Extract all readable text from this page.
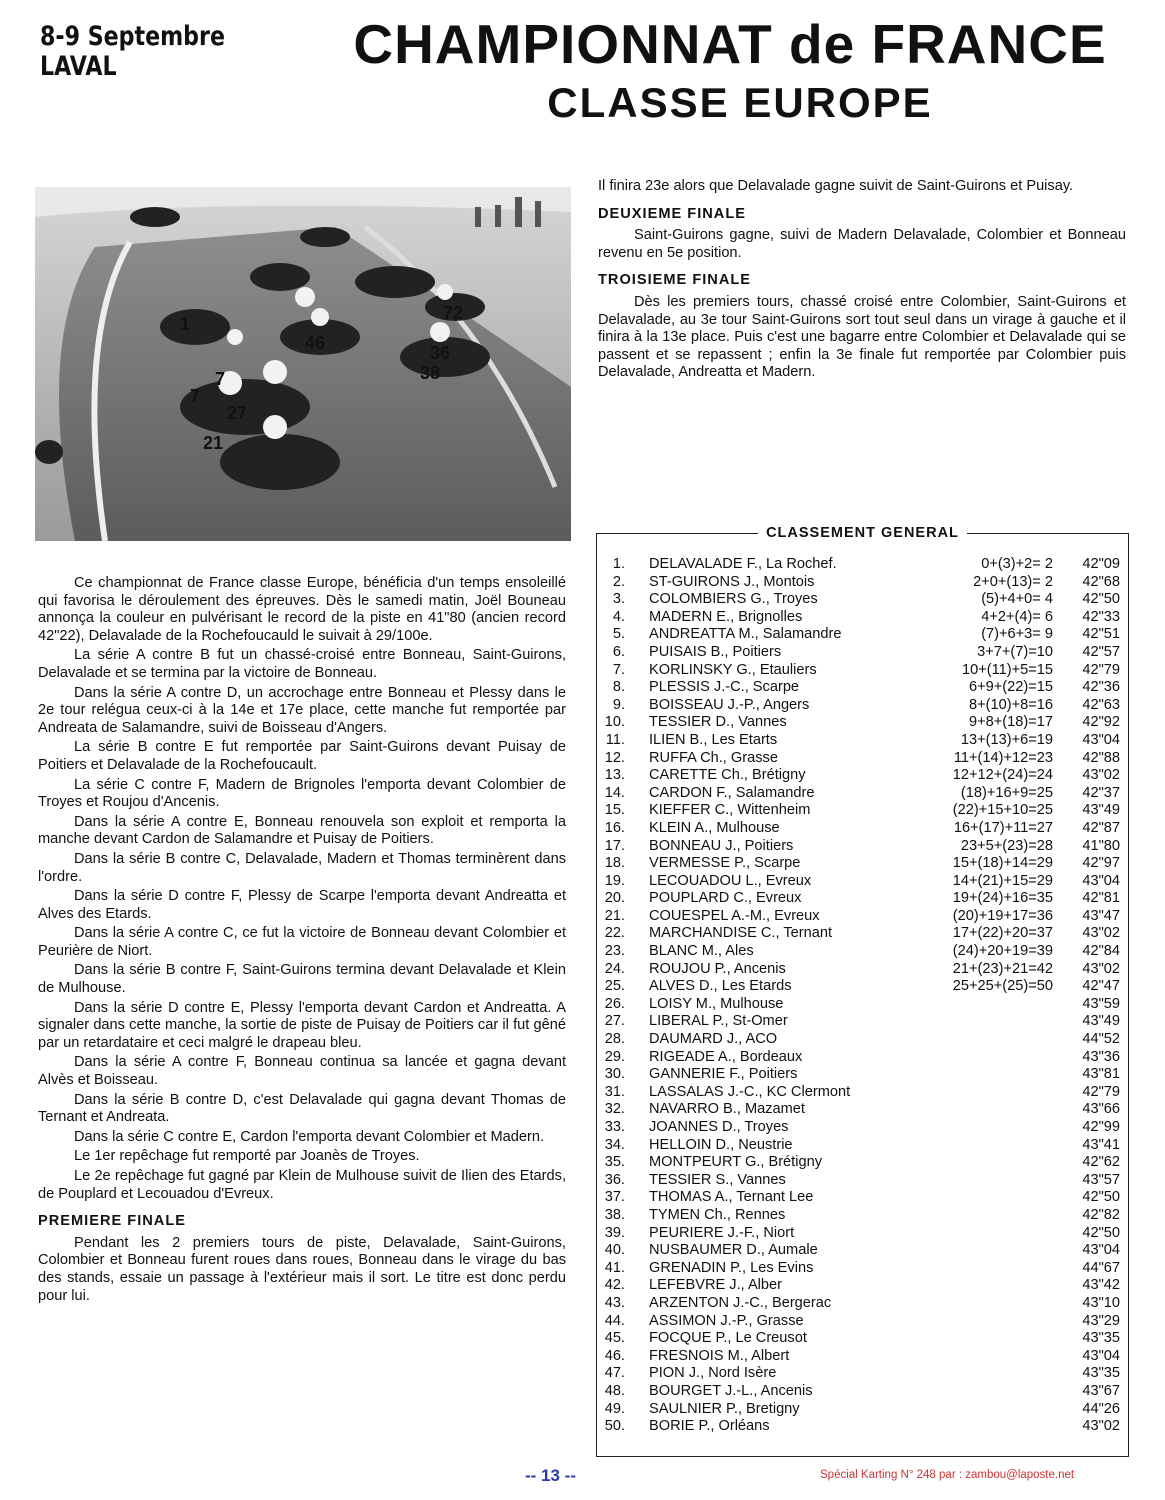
8-9 Septembre
LAVAL	CHAMPIONNAT de FRANCE
CLASSE EUROPE
1
7
21
27
46
38
36
72
7

Ce championnat de France classe Europe, bénéficia d'un temps ensoleillé qui favorisa le déroulement des épreuves. Dès le samedi matin, Joël Bouneau annonça la couleur en pulvérisant le record de la piste en 41"80 (ancien record 42"22), Delavalade de la Rochefoucauld le suivait à 29/100e.

La série A contre B fut un chassé-croisé entre Bonneau, Saint-Guirons, Delavalade et se termina par la victoire de Bonneau.

Dans la série A contre D, un accrochage entre Bonneau et Plessy dans le 2e tour relégua ceux-ci à la 14e et 17e place, cette manche fut remportée par Andreata de Salamandre, suivi de Boisseau d'Angers.

La série B contre E fut remportée par Saint-Guirons devant Puisay de Poitiers et Delavalade de la Rochefoucault.

La série C contre F, Madern de Brignoles l'emporta devant Colombier de Troyes et Roujou d'Ancenis.

Dans la série A contre E, Bonneau renouvela son exploit et remporta la manche devant Cardon de Salamandre et Puisay de Poitiers.

Dans la série B contre C, Delavalade, Madern et Thomas terminèrent dans l'ordre.

Dans la série D contre F, Plessy de Scarpe l'emporta devant Andreatta et Alves des Etards.

Dans la série A contre C, ce fut la victoire de Bonneau devant Colombier et Peurière de Niort.

Dans la série B contre F, Saint-Guirons termina devant Delavalade et Klein de Mulhouse.

Dans la série D contre E, Plessy l'emporta devant Cardon et Andreatta. A signaler dans cette manche, la sortie de piste de Puisay de Poitiers car il fut gêné par un retardataire et ceci malgré le drapeau bleu.

Dans la série A contre F, Bonneau continua sa lancée et gagna devant Alvès et Boisseau.

Dans la série B contre D, c'est Delavalade qui gagna devant Thomas de Ternant et Andreata.

Dans la série C contre E, Cardon l'emporta devant Colombier et Madern.

Le 1er repêchage fut remporté par Joanès de Troyes.

Le 2e repêchage fut gagné par Klein de Mulhouse suivit de Ilien des Etards, de Pouplard et Lecouadou d'Evreux.

PREMIERE FINALE

Pendant les 2 premiers tours de piste, Delavalade, Saint-Guirons, Colombier et Bonneau furent roues dans roues, Bonneau dans le virage du bas des stands, essaie un passage à l'extérieur mais il sort. Le titre est donc perdu pour lui.

Il finira 23e alors que Delavalade gagne suivit de Saint-Guirons et Puisay.

DEUXIEME FINALE

Saint-Guirons gagne, suivi de Madern Delavalade, Colombier et Bonneau revenu en 5e position.

TROISIEME FINALE

Dès les premiers tours, chassé croisé entre Colombier, Saint-Guirons et Delavalade, au 3e tour Saint-Guirons sort tout seul dans un virage à gauche et il finira à la 13e place. Puis c'est une bagarre entre Colombier et Delavalade qui se passent et se repassent ; enfin la 3e finale fut remportée par Colombier puis Delavalade, Andreatta et Madern.

CLASSEMENT GENERAL
1. DELAVALADE F., La Rochef.	0+(3)+2= 2 42"09
2. ST-GUIRONS J., Montois	2+0+(13)= 2 42"68
3. COLOMBIERS G., Troyes	(5)+4+0= 4 42"50
4. MADERN E., Brignolles	4+2+(4)= 6 42"33
5. ANDREATTA M., Salamandre	(7)+6+3= 9 42"51
6. PUISAIS B., Poitiers	3+7+(7)=10 42"57
7. KORLINSKY G., Etauliers	10+(11)+5=15 42"79
8. PLESSIS J.-C., Scarpe	6+9+(22)=15 42"36
9. BOISSEAU J.-P., Angers	8+(10)+8=16 42"63
10. TESSIER D., Vannes	9+8+(18)=17 42"92
11. ILIEN B., Les Etarts	13+(13)+6=19 43"04
12. RUFFA Ch., Grasse	11+(14)+12=23 42"88
13. CARETTE Ch., Brétigny	12+12+(24)=24 43"02
14. CARDON F., Salamandre	(18)+16+9=25 42"37
15. KIEFFER C., Wittenheim	(22)+15+10=25 43"49
16. KLEIN A., Mulhouse	16+(17)+11=27 42"87
17. BONNEAU J., Poitiers	23+5+(23)=28 41"80
18. VERMESSE P., Scarpe	15+(18)+14=29 42"97
19. LECOUADOU L., Evreux	14+(21)+15=29 43"04
20. POUPLARD C., Evreux	19+(24)+16=35 42"81
21. COUESPEL A.-M., Evreux	(20)+19+17=36 43"47
22. MARCHANDISE C., Ternant	17+(22)+20=37 43"02
23. BLANC M., Ales	(24)+20+19=39 42"84
24. ROUJOU P., Ancenis	21+(23)+21=42 43"02
25. ALVES D., Les Etards	25+25+(25)=50 42"47
26. LOISY M., Mulhouse	43"59
27. LIBERAL P., St-Omer	43"49
28. DAUMARD J., ACO	44"52
29. RIGEADE A., Bordeaux	43"36
30. GANNERIE F., Poitiers	43"81
31. LASSALAS J.-C., KC Clermont	42"79
32. NAVARRO B., Mazamet	43"66
33. JOANNES D., Troyes	42"99
34. HELLOIN D., Neustrie	43"41
35. MONTPEURT G., Brétigny	42"62
36. TESSIER S., Vannes	43"57
37. THOMAS A., Ternant Lee	42"50
38. TYMEN Ch., Rennes	42"82
39. PEURIERE J.-F., Niort	42"50
40. NUSBAUMER D., Aumale	43"04
41. GRENADIN P., Les Evins	44"67
42. LEFEBVRE J., Alber	43"42
43. ARZENTON J.-C., Bergerac	43"10
44. ASSIMON J.-P., Grasse	43"29
45. FOCQUE P., Le Creusot	43"35
46. FRESNOIS M., Albert	43"04
47. PION J., Nord Isère	43"35
48. BOURGET J.-L., Ancenis	43"67
49. SAULNIER P., Bretigny	44"26
50. BORIE P., Orléans	43"02
-- 13 --	Spécial Karting N° 248 par : zambou@laposte.net
